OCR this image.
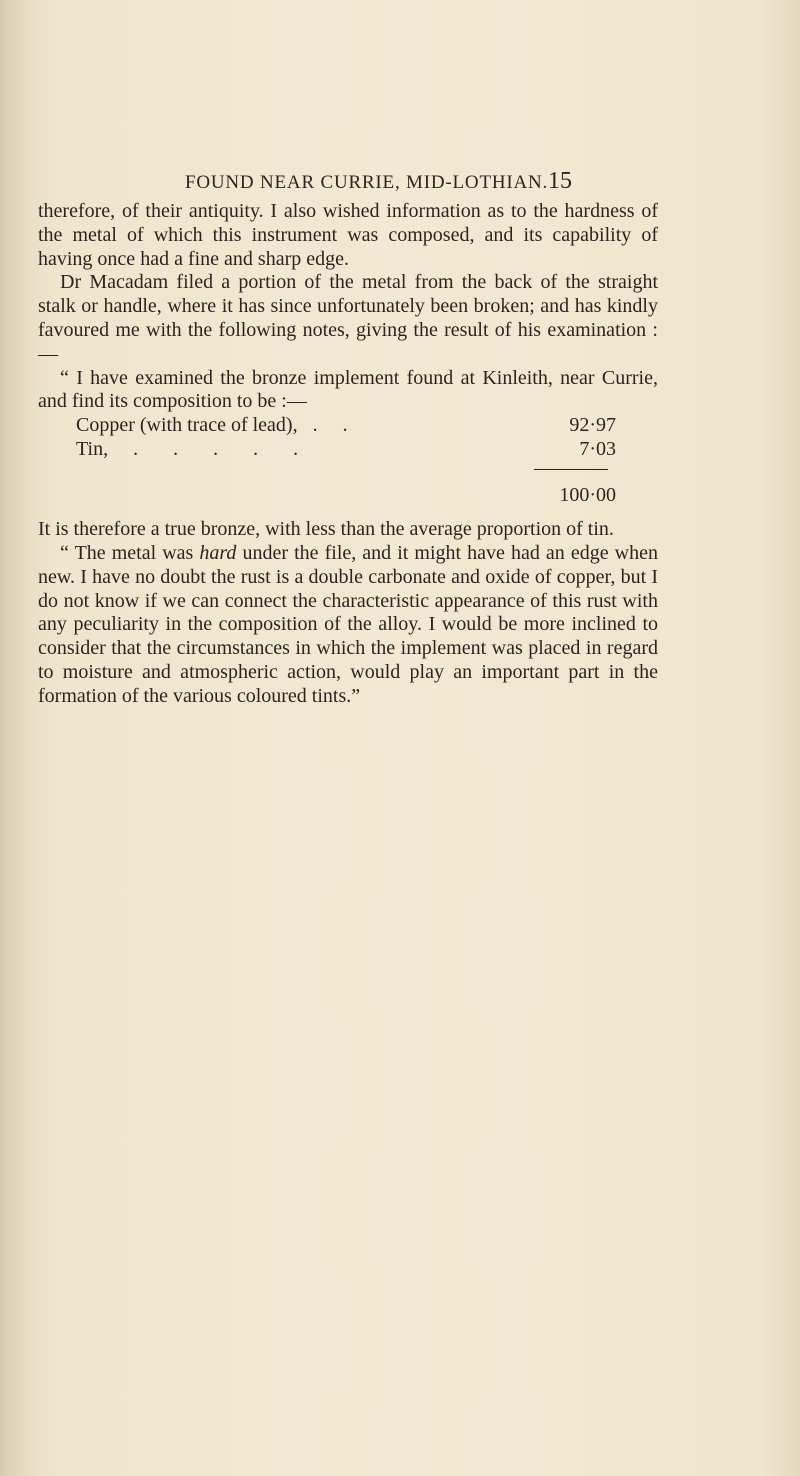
FOUND NEAR CURRIE, MID-LOTHIAN. 15

therefore, of their antiquity. I also wished information as to the hardness of the metal of which this instrument was composed, and its capability of having once had a fine and sharp edge.

Dr Macadam filed a portion of the metal from the back of the straight stalk or handle, where it has since unfortunately been broken; and has kindly favoured me with the following notes, giving the result of his examination :—

“ I have examined the bronze implement found at Kinleith, near Currie, and find its composition to be :—

Copper (with trace of lead),   .     .	92·97
Tin,     .       .       .       .       .	7·03
100·00

It is therefore a true bronze, with less than the average proportion of tin.

“ The metal was hard under the file, and it might have had an edge when new. I have no doubt the rust is a double carbonate and oxide of copper, but I do not know if we can connect the characteristic appearance of this rust with any peculiarity in the composition of the alloy. I would be more inclined to consider that the circumstances in which the implement was placed in regard to moisture and atmospheric action, would play an important part in the formation of the various coloured tints.”
